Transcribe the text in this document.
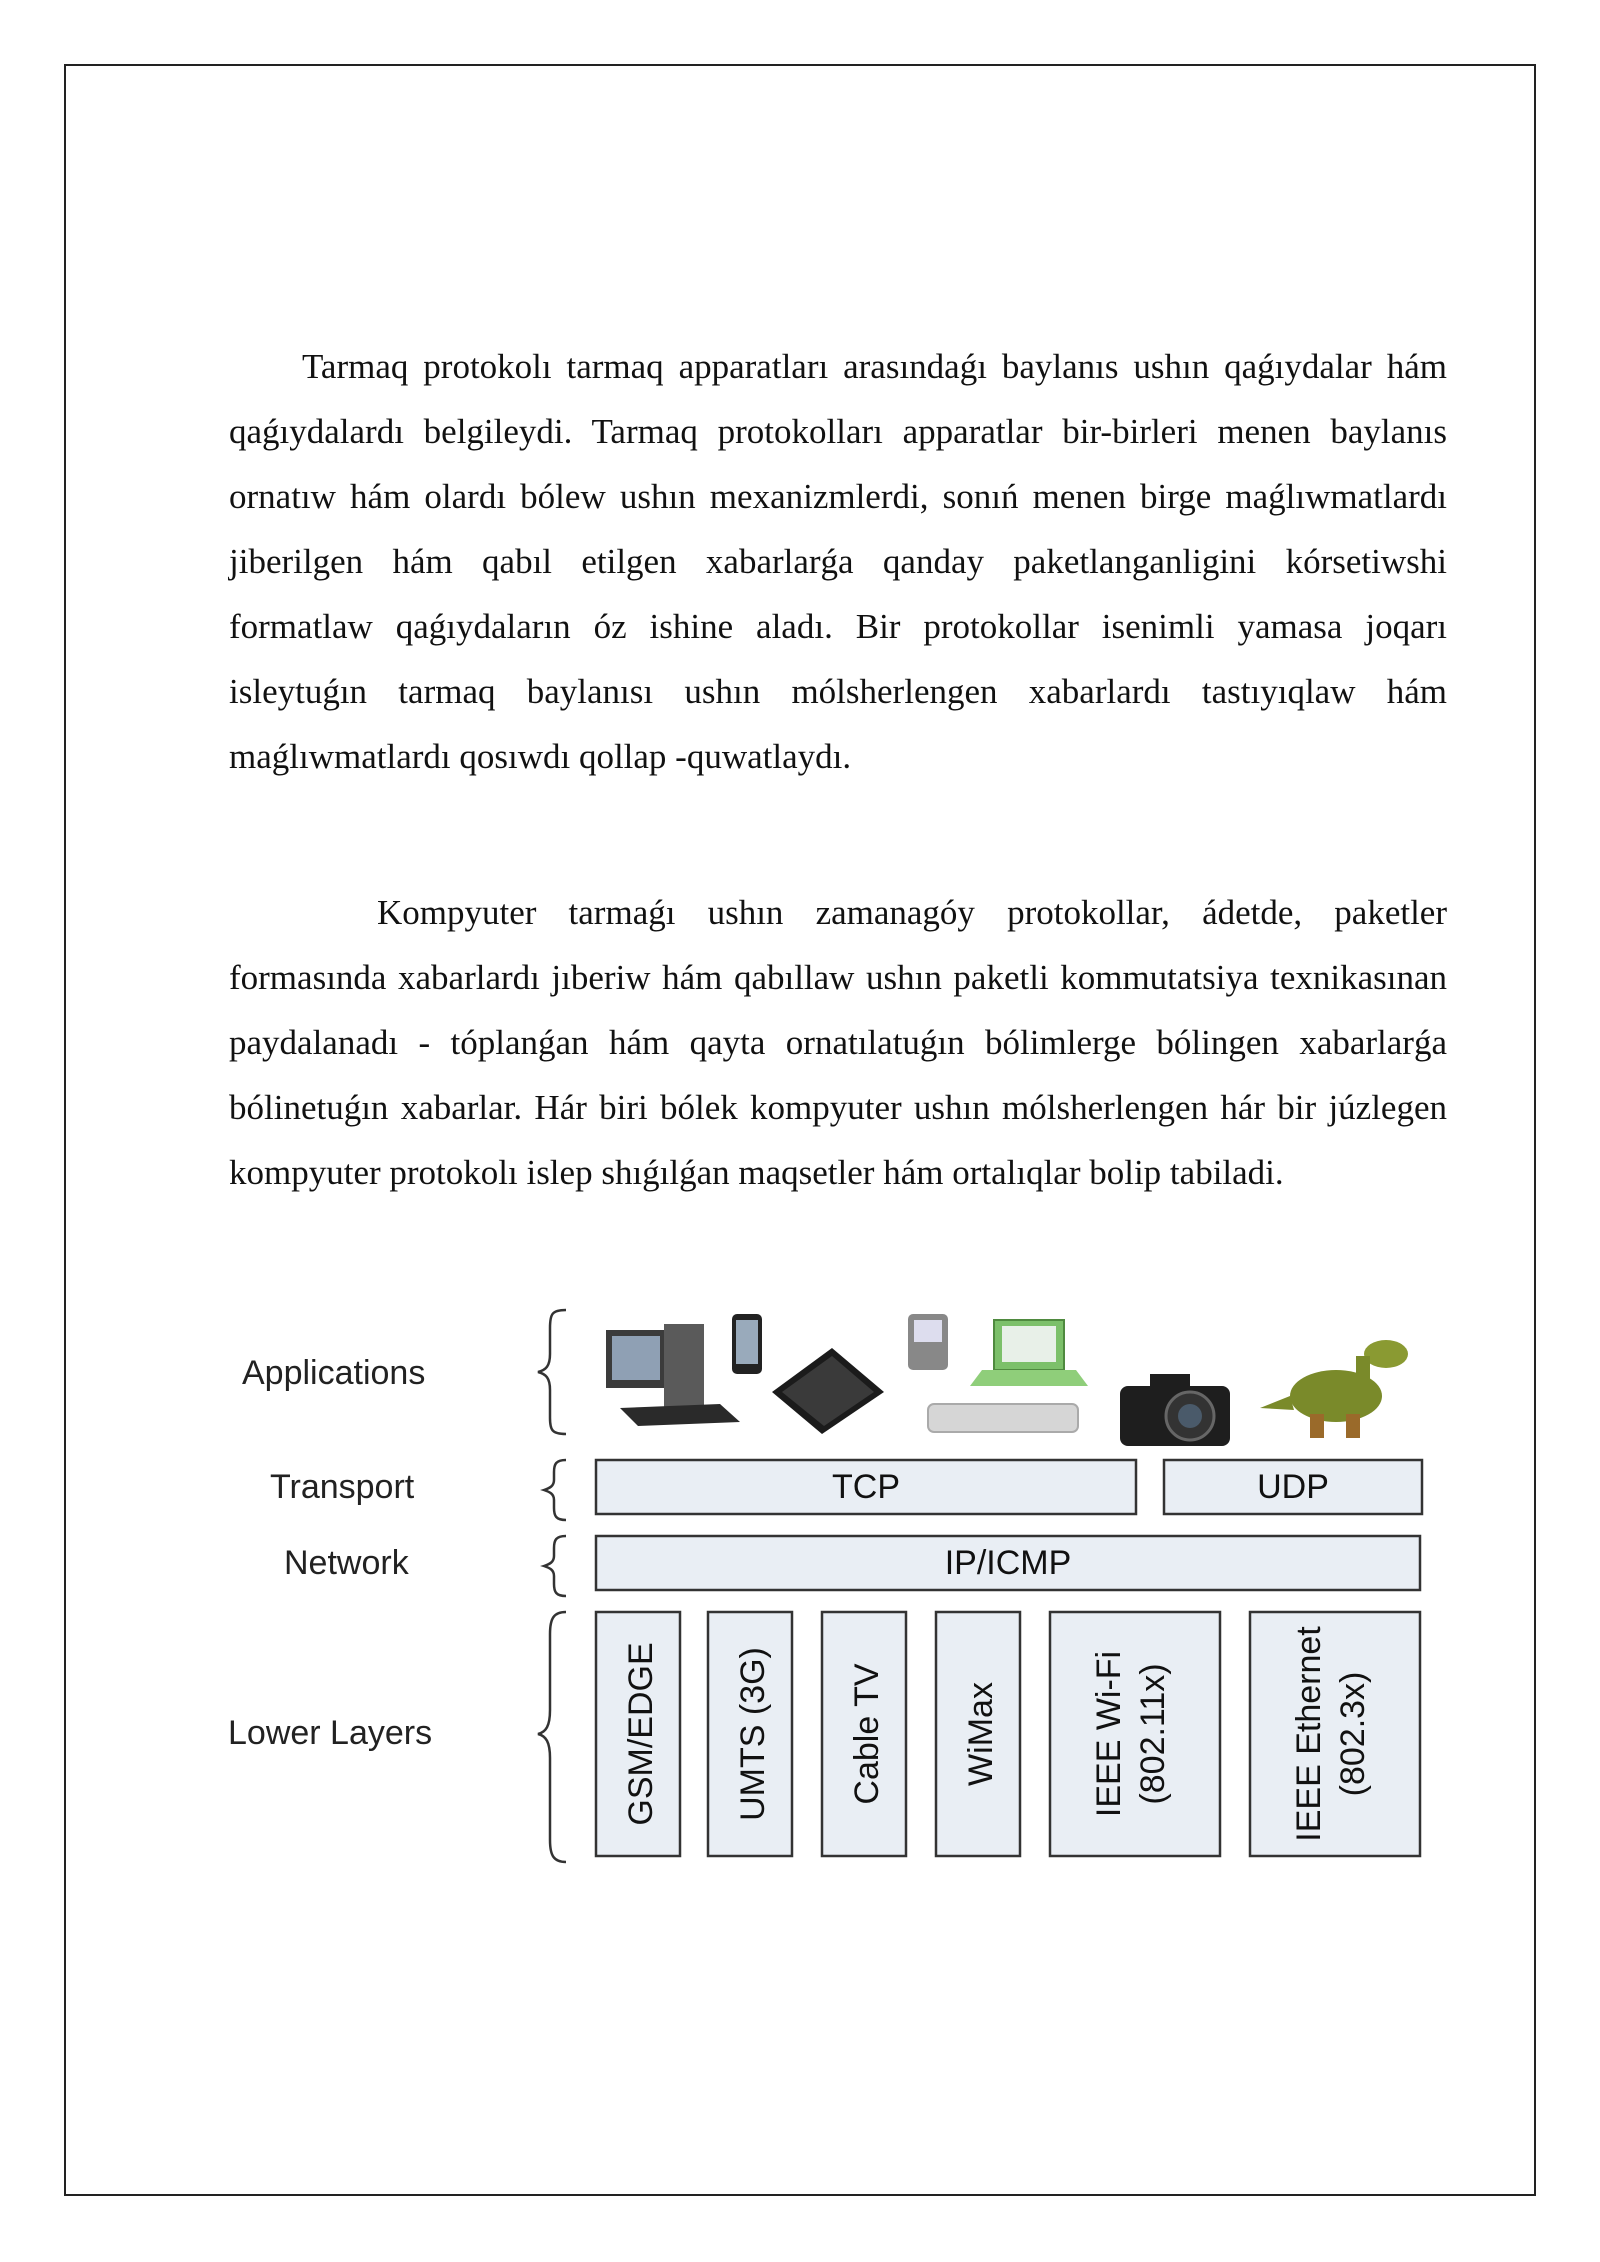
Tarmaq protokolı tarmaq apparatları arasındaǵı baylanıs ushın qaǵıydalar hám qaǵıydalardı belgileydi. Tarmaq protokolları apparatlar bir-birleri menen baylanıs ornatıw hám olardı bólew ushın mexanizmlerdi, sonıń menen birge maǵlıwmatlardı jiberilgen hám qabıl etilgen xabarlarǵa qanday paketlanganligini kórsetiwshi formatlaw qaǵıydaların óz ishine aladı. Bir protokollar isenimli yamasa joqarı isleytuǵın tarmaq baylanısı ushın mólsherlengen xabarlardı tastıyıqlaw hám maǵlıwmatlardı qosıwdı qollap -quwatlaydı.

Kompyuter tarmaǵı ushın zamanagóy protokollar, ádetde, paketler formasında xabarlardı jıberiw hám qabıllaw ushın paketli kommutatsiya texnikasınan paydalanadı - tóplanǵan hám qayta ornatılatuǵın bólimlerge bólingen xabarlarǵa bólinetuǵın xabarlar. Hár biri bólek kompyuter ushın mólsherlengen hár bir júzlegen kompyuter protokolı islep shıǵılǵan maqsetler hám ortalıqlar bolip tabiladi.

Applications
Transport
Network
Lower Layers
TCP	UDP
IP/ICMP
GSM/EDGE UMTS (3G) Cable TV WiMax	IEEE Wi-Fi (802.11x)	IEEE Ethernet (802.3x)
